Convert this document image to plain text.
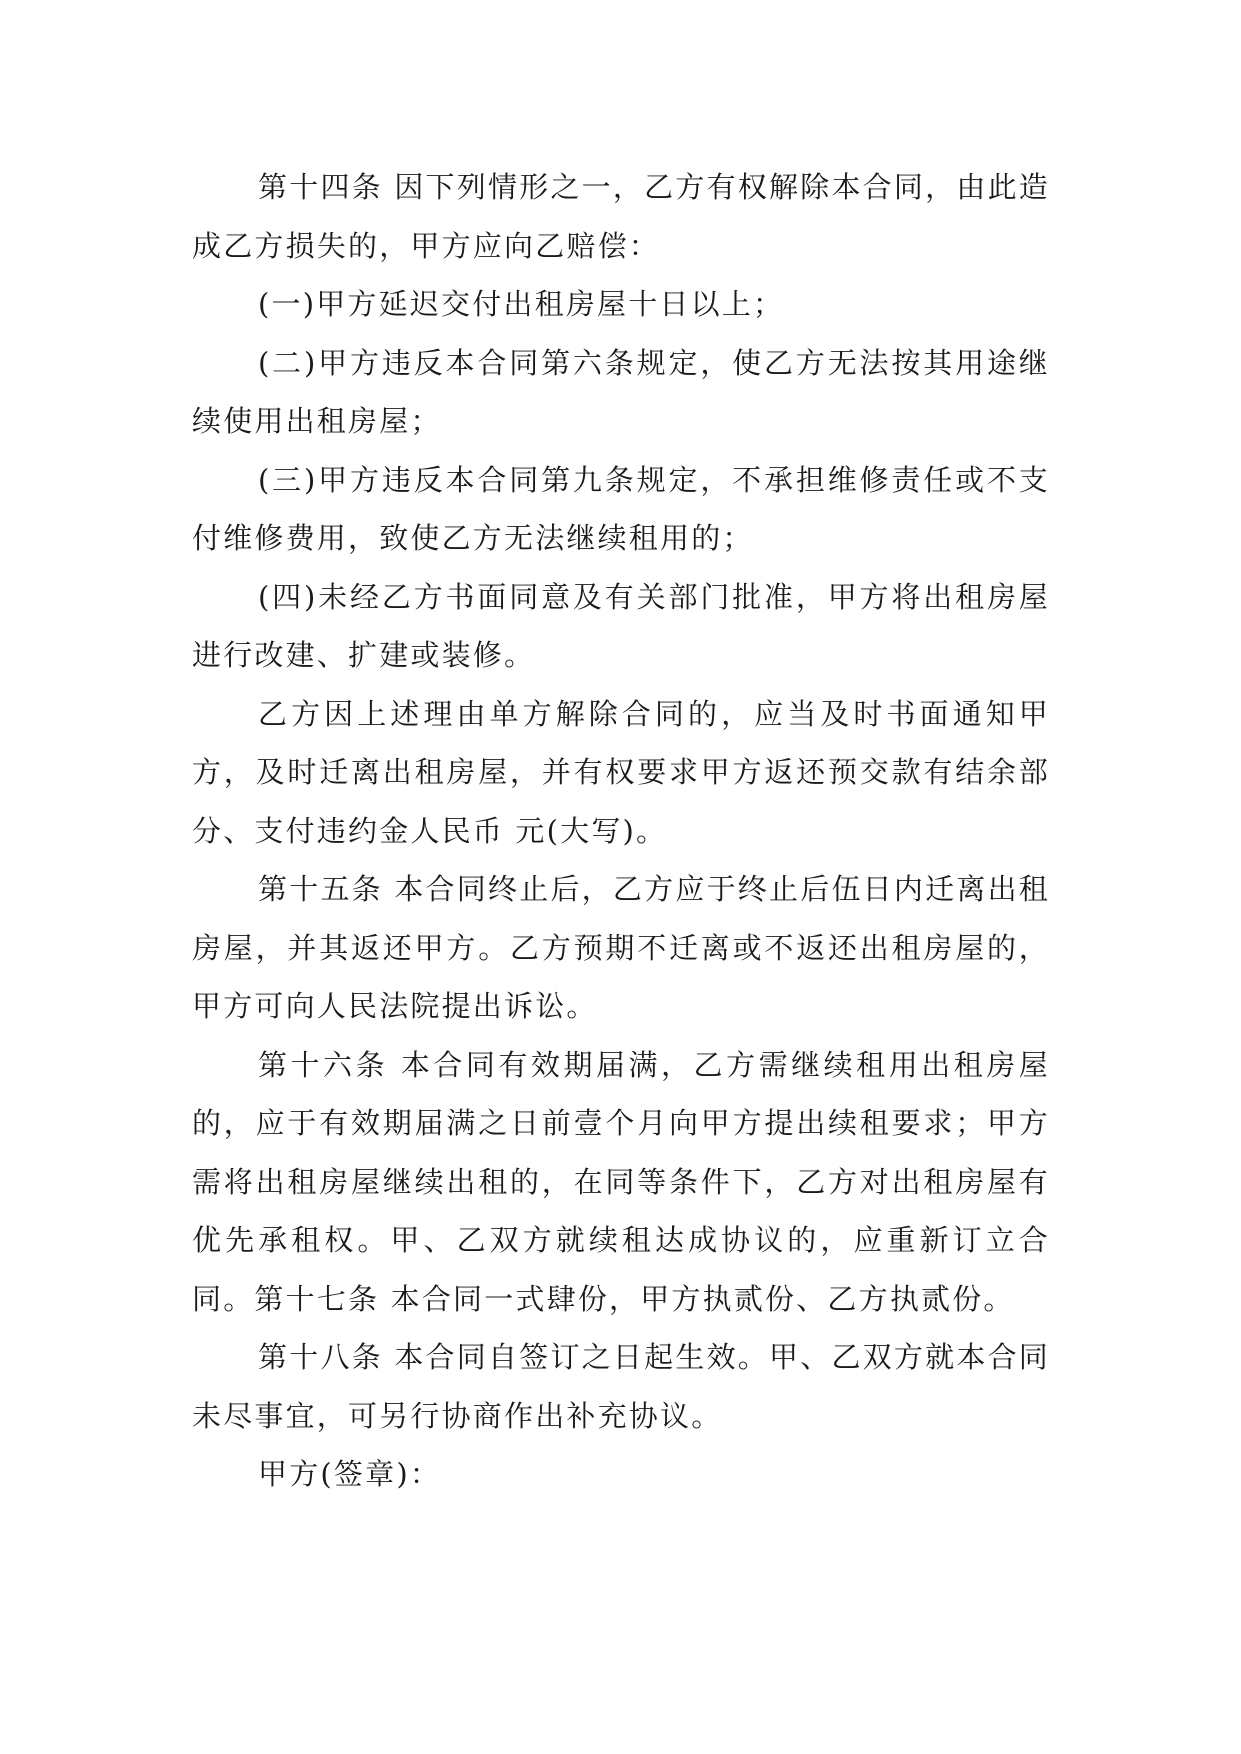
第十四条 因下列情形之一，乙方有权解除本合同，由此造成乙方损失的，甲方应向乙赔偿：

(一)甲方延迟交付出租房屋十日以上；

(二)甲方违反本合同第六条规定，使乙方无法按其用途继续使用出租房屋；

(三)甲方违反本合同第九条规定，不承担维修责任或不支付维修费用，致使乙方无法继续租用的；

(四)未经乙方书面同意及有关部门批准，甲方将出租房屋进行改建、扩建或装修。

乙方因上述理由单方解除合同的，应当及时书面通知甲方，及时迁离出租房屋，并有权要求甲方返还预交款有结余部分、支付违约金人民币 元(大写)。

第十五条 本合同终止后，乙方应于终止后伍日内迁离出租房屋，并其返还甲方。乙方预期不迁离或不返还出租房屋的，甲方可向人民法院提出诉讼。

第十六条 本合同有效期届满，乙方需继续租用出租房屋的，应于有效期届满之日前壹个月向甲方提出续租要求；甲方需将出租房屋继续出租的，在同等条件下，乙方对出租房屋有优先承租权。甲、乙双方就续租达成协议的，应重新订立合同。第十七条 本合同一式肆份，甲方执贰份、乙方执贰份。

第十八条 本合同自签订之日起生效。甲、乙双方就本合同未尽事宜，可另行协商作出补充协议。

甲方(签章)：
